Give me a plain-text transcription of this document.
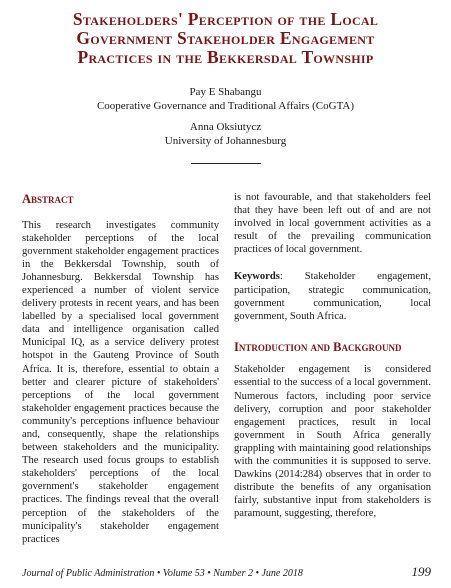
Stakeholders' Perception of the Local
Government Stakeholder Engagement
Practices in the Bekkersdal Township
Pay E Shabangu
Cooperative Governance and Traditional Affairs (CoGTA)
Anna Oksiutycz
University of Johannesburg
Abstract

This research investigates community stakeholder perceptions of the local government stakeholder engagement practices in the Bekkersdal Township, south of Johannesburg. Bekkersdal Township has experienced a number of violent service delivery protests in recent years, and has been labelled by a specialised local government data and intelligence organisation called Municipal IQ, as a service delivery protest hotspot in the Gauteng Province of South Africa. It is, therefore, essential to obtain a better and clearer picture of stakeholders' perceptions of the local government stakeholder engagement practices because the community's perceptions influence behaviour and, consequently, shape the relationships between stakeholders and the municipality. The research used focus groups to establish stakeholders' perceptions of the local government's stakeholder engagement practices. The findings reveal that the overall perception of the stakeholders of the municipality's stakeholder engagement practices

is not favourable, and that stakeholders feel that they have been left out of and are not involved in local government activities as a result of the prevailing communication practices of local government.

Keywords: Stakeholder engagement, participation, strategic communication, government communication, local government, South Africa.

Introduction and Background

Stakeholder engagement is considered essential to the success of a local government. Numerous factors, including poor service delivery, corruption and poor stakeholder engagement practices, result in local government in South Africa generally grappling with maintaining good relationships with the communities it is supposed to serve. Dawkins (2014:284) observes that in order to distribute the benefits of any organisation fairly, substantive input from stakeholders is paramount, suggesting, therefore,

Journal of Public Administration • Volume 53 • Number 2 • June 2018	199
